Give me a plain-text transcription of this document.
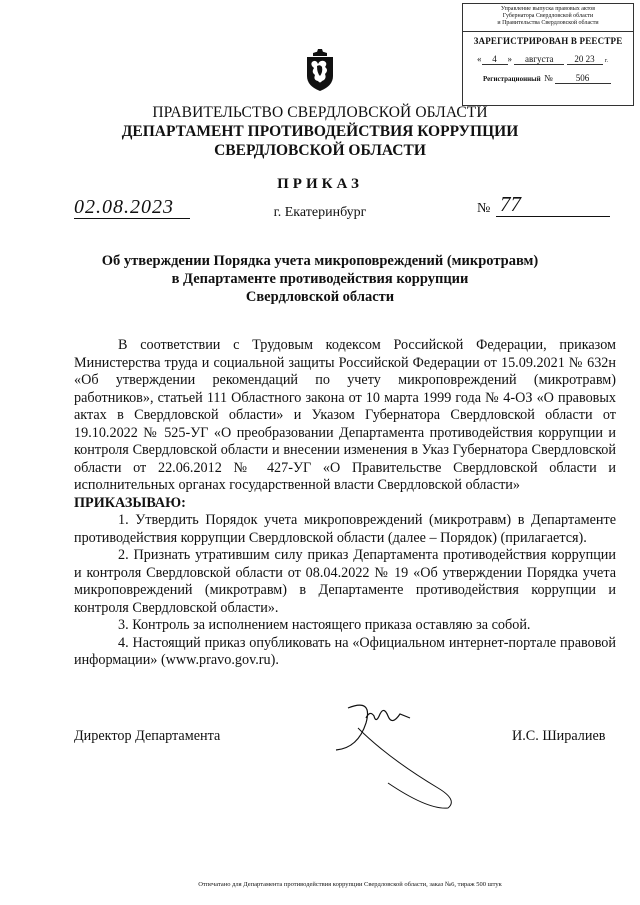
Управление выпуска правовых актов
Губернатора Свердловской области
и Правительства Свердловской области
ЗАРЕГИСТРИРОВАН В РЕЕСТРЕ
« 4 » августа 20 23 г.
Регистрационный №	506
ПРАВИТЕЛЬСТВО СВЕРДЛОВСКОЙ ОБЛАСТИ
ДЕПАРТАМЕНТ ПРОТИВОДЕЙСТВИЯ КОРРУПЦИИ
СВЕРДЛОВСКОЙ ОБЛАСТИ
ПРИКАЗ
02.08.2023	г. Екатеринбург	№ 77
Об утверждении Порядка учета микроповреждений (микротравм)
в Департаменте противодействия коррупции
Свердловской области

В соответствии с Трудовым кодексом Российской Федерации, приказом Министерства труда и социальной защиты Российской Федерации от 15.09.2021 № 632н «Об утверждении рекомендаций по учету микроповреждений (микротравм) работников», статьей 111 Областного закона от 10 марта 1999 года № 4-ОЗ «О правовых актах в Свердловской области» и Указом Губернатора Свердловской области от 19.10.2022 № 525-УГ «О преобразовании Департамента противодействия коррупции и контроля Свердловской области и внесении изменения в Указ Губернатора Свердловской области от 22.06.2012 № 427-УГ «О Правительстве Свердловской области и исполнительных органах государственной власти Свердловской области»

ПРИКАЗЫВАЮ:

1. Утвердить Порядок учета микроповреждений (микротравм) в Департаменте противодействия коррупции Свердловской области (далее – Порядок) (прилагается).

2. Признать утратившим силу приказ Департамента противодействия коррупции и контроля Свердловской области от 08.04.2022 № 19 «Об утверждении Порядка учета микроповреждений (микротравм) в Департаменте противодействия коррупции и контроля Свердловской области».

3. Контроль за исполнением настоящего приказа оставляю за собой.

4. Настоящий приказ опубликовать на «Официальном интернет-портале правовой информации» (www.pravo.gov.ru).

Директор Департамента	И.С. Ширалиев
Отпечатано для Департамента противодействия коррупции Свердловской области, заказ №6, тираж 500 штук
